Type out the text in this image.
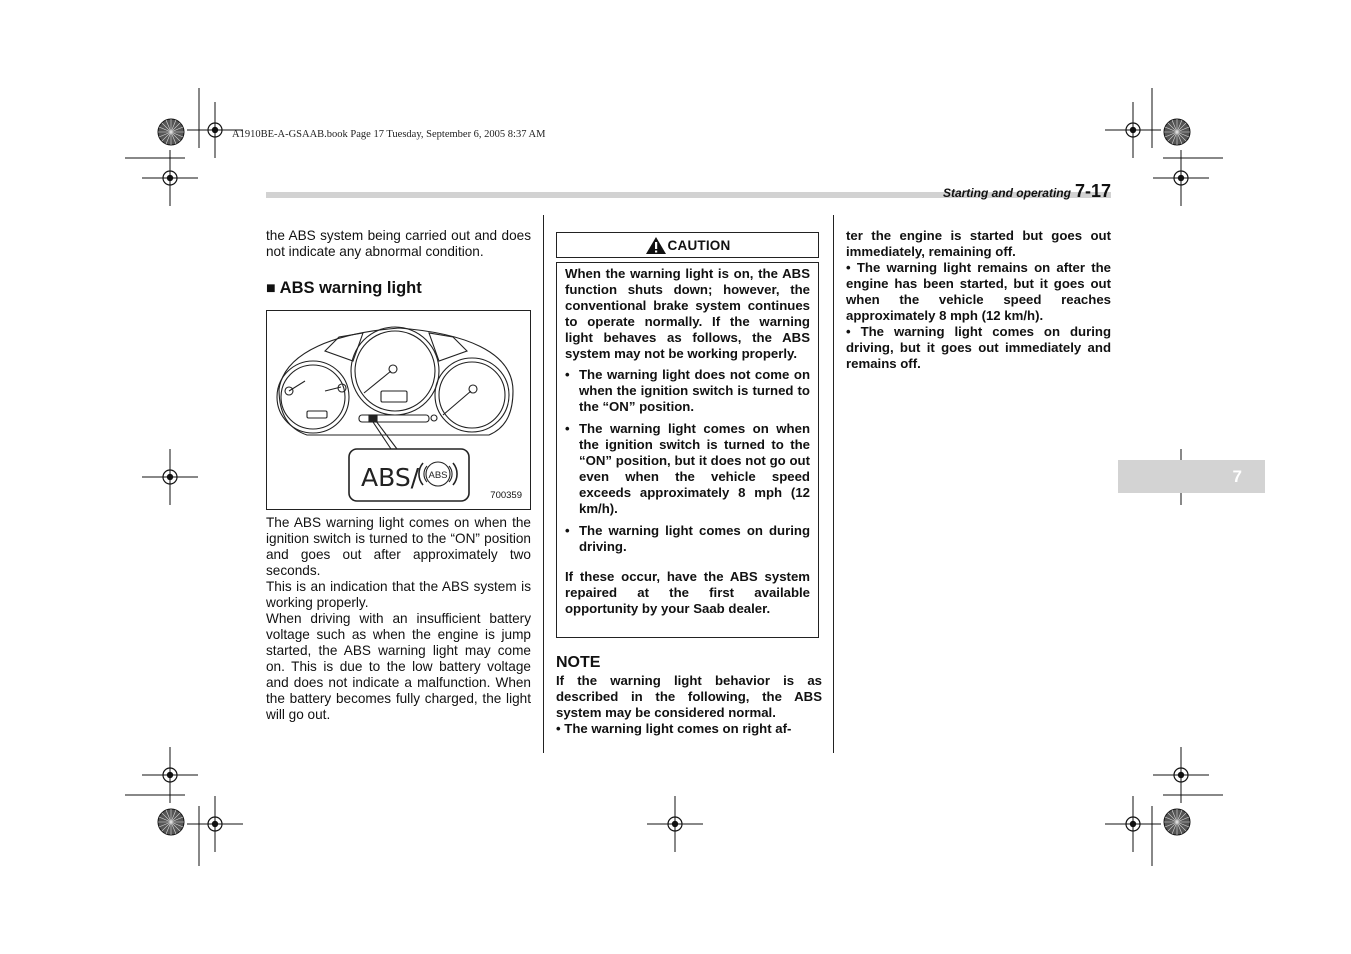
A1910BE-A-GSAAB.book Page 17 Tuesday, September 6, 2005 8:37 AM
Starting and operating 7-17

the ABS system being carried out and does not indicate any abnormal condition.

■ ABS warning light
ABS/ ABS
700359

The ABS warning light comes on when the ignition switch is turned to the “ON” position and goes out after approximately two seconds.

This is an indication that the ABS system is working properly.

When driving with an insufficient battery voltage such as when the engine is jump started, the ABS warning light may come on. This is due to the low battery voltage and does not indicate a malfunction. When the battery becomes fully charged, the light will go out.

CAUTION

When the warning light is on, the ABS function shuts down; however, the conventional brake system continues to operate normally. If the warning light behaves as follows, the ABS system may not be working properly.

• The warning light does not come on when the ignition switch is turned to the “ON” position.
• The warning light comes on when the ignition switch is turned to the “ON” position, but it does not go out even when the vehicle speed exceeds approximately 8 mph (12 km/h).
• The warning light comes on during driving.

If these occur, have the ABS system repaired at the first available opportunity by your Saab dealer.

NOTE

If the warning light behavior is as described in the following, the ABS system may be considered normal.

• The warning light comes on right af-

ter the engine is started but goes out immediately, remaining off.

• The warning light remains on after the engine has been started, but it goes out when the vehicle speed reaches approximately 8 mph (12 km/h).

• The warning light comes on during driving, but it goes out immediately and remains off.

7
